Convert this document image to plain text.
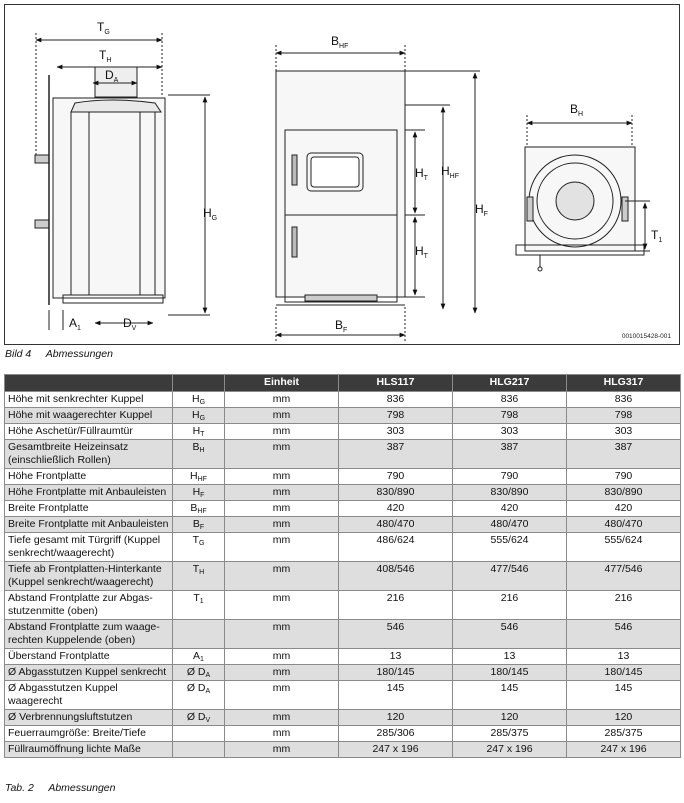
$T_G$
$T_H$
$D_A$
$H_G$
$A_1$	$D_V$
$B_{HF}$
$H_T$
$H_T$
$H_{HF}$
$H_F$
$B_F$
$B_H$
$T_1$
0010015428-001
Bild 4 Abmessungen
		Einheit	HLS117	HLG217	HLG317
Höhe mit senkrechter Kuppel	$H_G$	mm	836	836	836
Höhe mit waagerechter Kuppel	$H_G$	mm	798	798	798
Höhe Aschetür/Füllraumtür	$H_T$	mm	303	303	303
Gesamtbreite Heizeinsatz (einschließlich Rollen)	$B_H$	mm	387	387	387
Höhe Frontplatte	$H_{HF}$	mm	790	790	790
Höhe Frontplatte mit Anbauleisten	$H_F$	mm	830/890	830/890	830/890
Breite Frontplatte	$B_{HF}$	mm	420	420	420
Breite Frontplatte mit Anbauleisten	$B_F$	mm	480/470	480/470	480/470
Tiefe gesamt mit Türgriff (Kuppel senkrecht/waagerecht)	$T_G$	mm	486/624	555/624	555/624
Tiefe ab Frontplatten-Hinterkante (Kuppel senkrecht/waagerecht)	$T_H$	mm	408/546	477/546	477/546
Abstand Frontplatte zur Abgas-stutzenmitte (oben)	$T_1$	mm	216	216	216
Abstand Frontplatte zum waage-rechten Kuppelende (oben)		mm	546	546	546
Überstand Frontplatte	$A_1$	mm	13	13	13
Ø Abgasstutzen Kuppel senkrecht	Ø $D_A$	mm	180/145	180/145	180/145
Ø Abgasstutzen Kuppel waagerecht	Ø $D_A$	mm	145	145	145
Ø Verbrennungsluftstutzen	Ø $D_V$	mm	120	120	120
Feuerraumgröße: Breite/Tiefe		mm	285/306	285/375	285/375
Füllraumöffnung lichte Maße		mm	247 x 196	247 x 196	247 x 196
Tab. 2 Abmessungen
